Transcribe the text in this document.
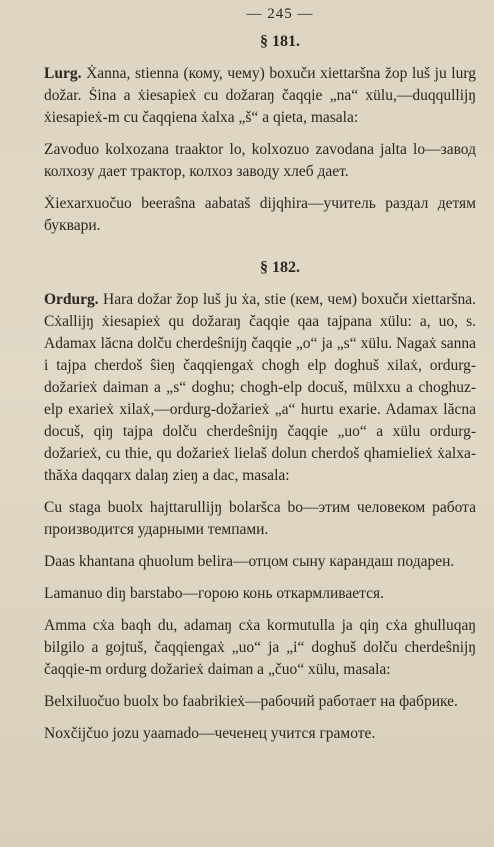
— 245 —
§ 181.

Lurg. Ẋanna, stienna (кому, чему) boxučи xiettaršna žop luš ju lurg dožar. Ṡina a ẋiesapieẋ cu dožaraŋ čaqqie „na“ xülu,—duqqullijŋ ẋiesapieẋ-m cu čaqqiena ẋalxa „š“ a qieta, masala:

Zavoduo kolxozana traaktor lo, kolxozuo zavodana jalta lo—завод колхозу дает трактор, колхоз заводу хлеб дает.

Ẋiexarxuočuo beeraŝna aabataš dijqhira—учитель раздал детям буквари.

§ 182.

Ordurg. Hara dožar žop luš ju ẋa, stie (кем, чем) boxučи xiettaršna. Cẋallijŋ ẋiesapieẋ qu dožaraŋ čaqqie qaa tajpana xülu: a, uo, s. Adamax lăcna dolču cherdeŝnijŋ čaqqie „o“ ja „s“ xülu. Nagaẋ sanna i tajpa cherdoš ŝieŋ čaqqiengaẋ chogh elp doghuš xilaẋ, ordurg-dožarieẋ daiman a „s“ doghu; chogh-elp docuš, mülxxu a choghuz-elp exarieẋ xilaẋ,—ordurg-dožarieẋ „a“ hurtu exarie. Adamax lăcna docuš, qiŋ tajpa dolču cherdeŝnijŋ čaqqie „uo“ a xülu ordurg-dožarieẋ, cu thie, qu dožarieẋ lielaš dolun cherdoš qhamielieẋ ẋalxa-thăẋa daqqarx dalaŋ zieŋ a dac, masala:

Cu staga buolx hajttarullijŋ bolaršca bo—этим человеком работа производится ударными темпами.

Daas khantana qhuolum belira—отцом сыну карандаш подарен.

Lamanuo diŋ barstabo—горою конь откармливается.

Amma cẋa baqh du, adamaŋ cẋa kormutulla ja qiŋ cẋa ghulluqaŋ bilgilo a gojtuš, čaqqiengaẋ „uo“ ja „i“ doghuš dolču cherdeŝnijŋ čaqqie-m ordurg dožarieẋ daiman a „čuo“ xülu, masala:

Belxiluočuo buolx bo faabrikieẋ—рабочий работает на фабрике.

Noxčijčuo jozu yaamado—чеченец учится грамоте.
